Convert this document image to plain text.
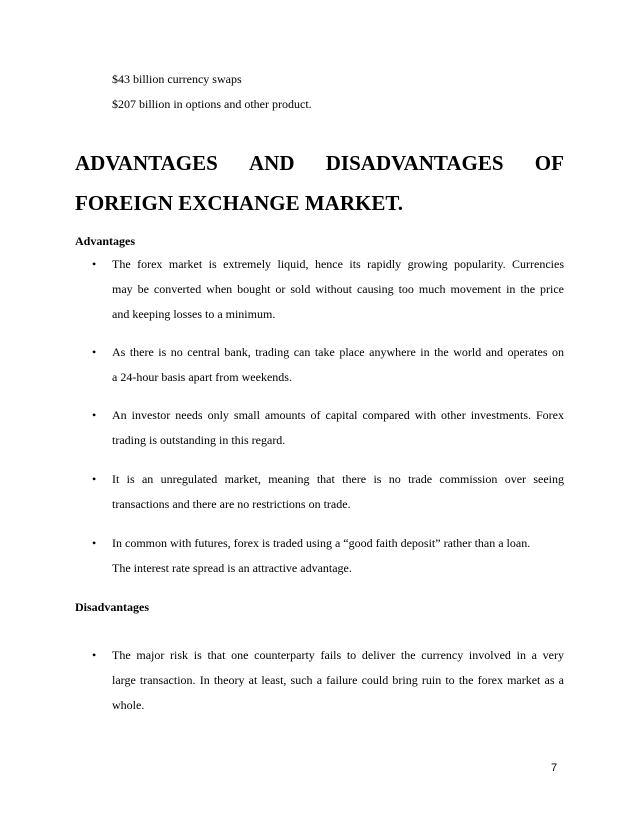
$43 billion currency swaps
$207 billion in options and other product.
ADVANTAGES AND DISADVANTAGES OF
FOREIGN EXCHANGE MARKET.
Advantages
• The forex market is extremely liquid, hence its rapidly growing popularity. Currencies
may be converted when bought or sold without causing too much movement in the price
and keeping losses to a minimum.
• As there is no central bank, trading can take place anywhere in the world and operates on
a 24-hour basis apart from weekends.
• An investor needs only small amounts of capital compared with other investments. Forex
trading is outstanding in this regard.
• It is an unregulated market, meaning that there is no trade commission over seeing
transactions and there are no restrictions on trade.
• In common with futures, forex is traded using a “good faith deposit” rather than a loan.
The interest rate spread is an attractive advantage.
Disadvantages
• The major risk is that one counterparty fails to deliver the currency involved in a very
large transaction. In theory at least, such a failure could bring ruin to the forex market as a
whole.
7
